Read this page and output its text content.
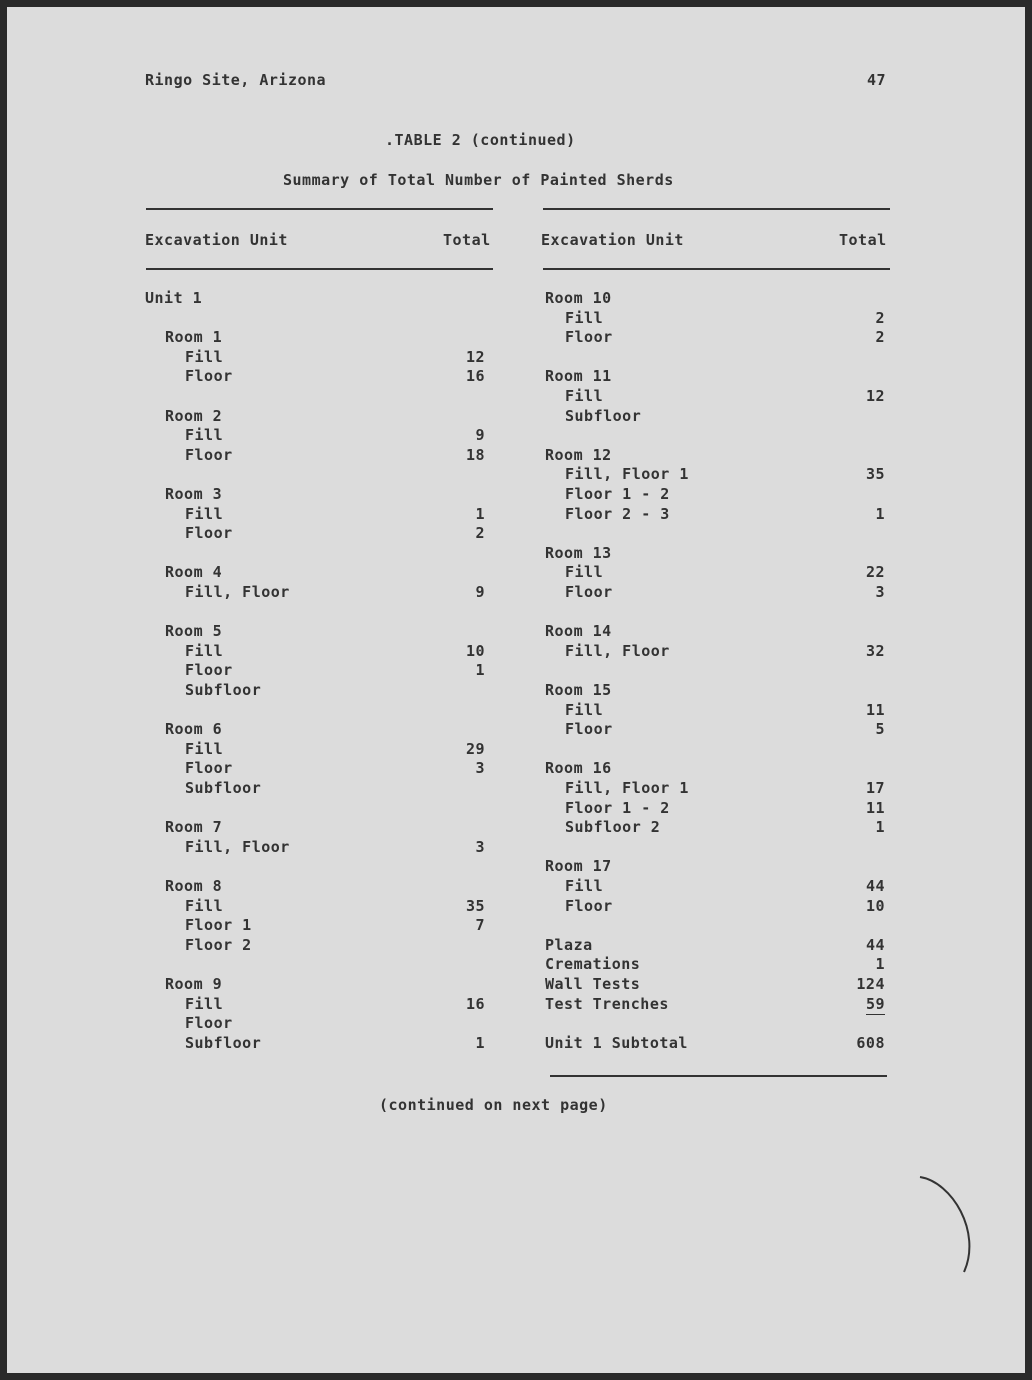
Ringo Site, Arizona	47
.TABLE 2 (continued)
Summary of Total Number of Painted Sherds
Excavation Unit	Total	Excavation Unit	Total
Unit 1
Room 1
Fill	12
Floor	16
Room 2
Fill	9
Floor	18
Room 3
Fill	1
Floor	2
Room 4
Fill, Floor	9
Room 5
Fill	10
Floor	1
Subfloor
Room 6
Fill	29
Floor	3
Subfloor
Room 7
Fill, Floor	3
Room 8
Fill	35
Floor 1	7
Floor 2
Room 9
Fill	16
Floor
Subfloor	1
Room 10
Fill	2
Floor	2
Room 11
Fill	12
Subfloor
Room 12
Fill, Floor 1	35
Floor 1 - 2
Floor 2 - 3	1
Room 13
Fill	22
Floor	3
Room 14
Fill, Floor	32
Room 15
Fill	11
Floor	5
Room 16
Fill, Floor 1	17
Floor 1 - 2	11
Subfloor 2	1
Room 17
Fill	44
Floor	10
Plaza	44
Cremations	1
Wall Tests	124
Test Trenches	59
Unit 1 Subtotal	608
(continued on next page)
